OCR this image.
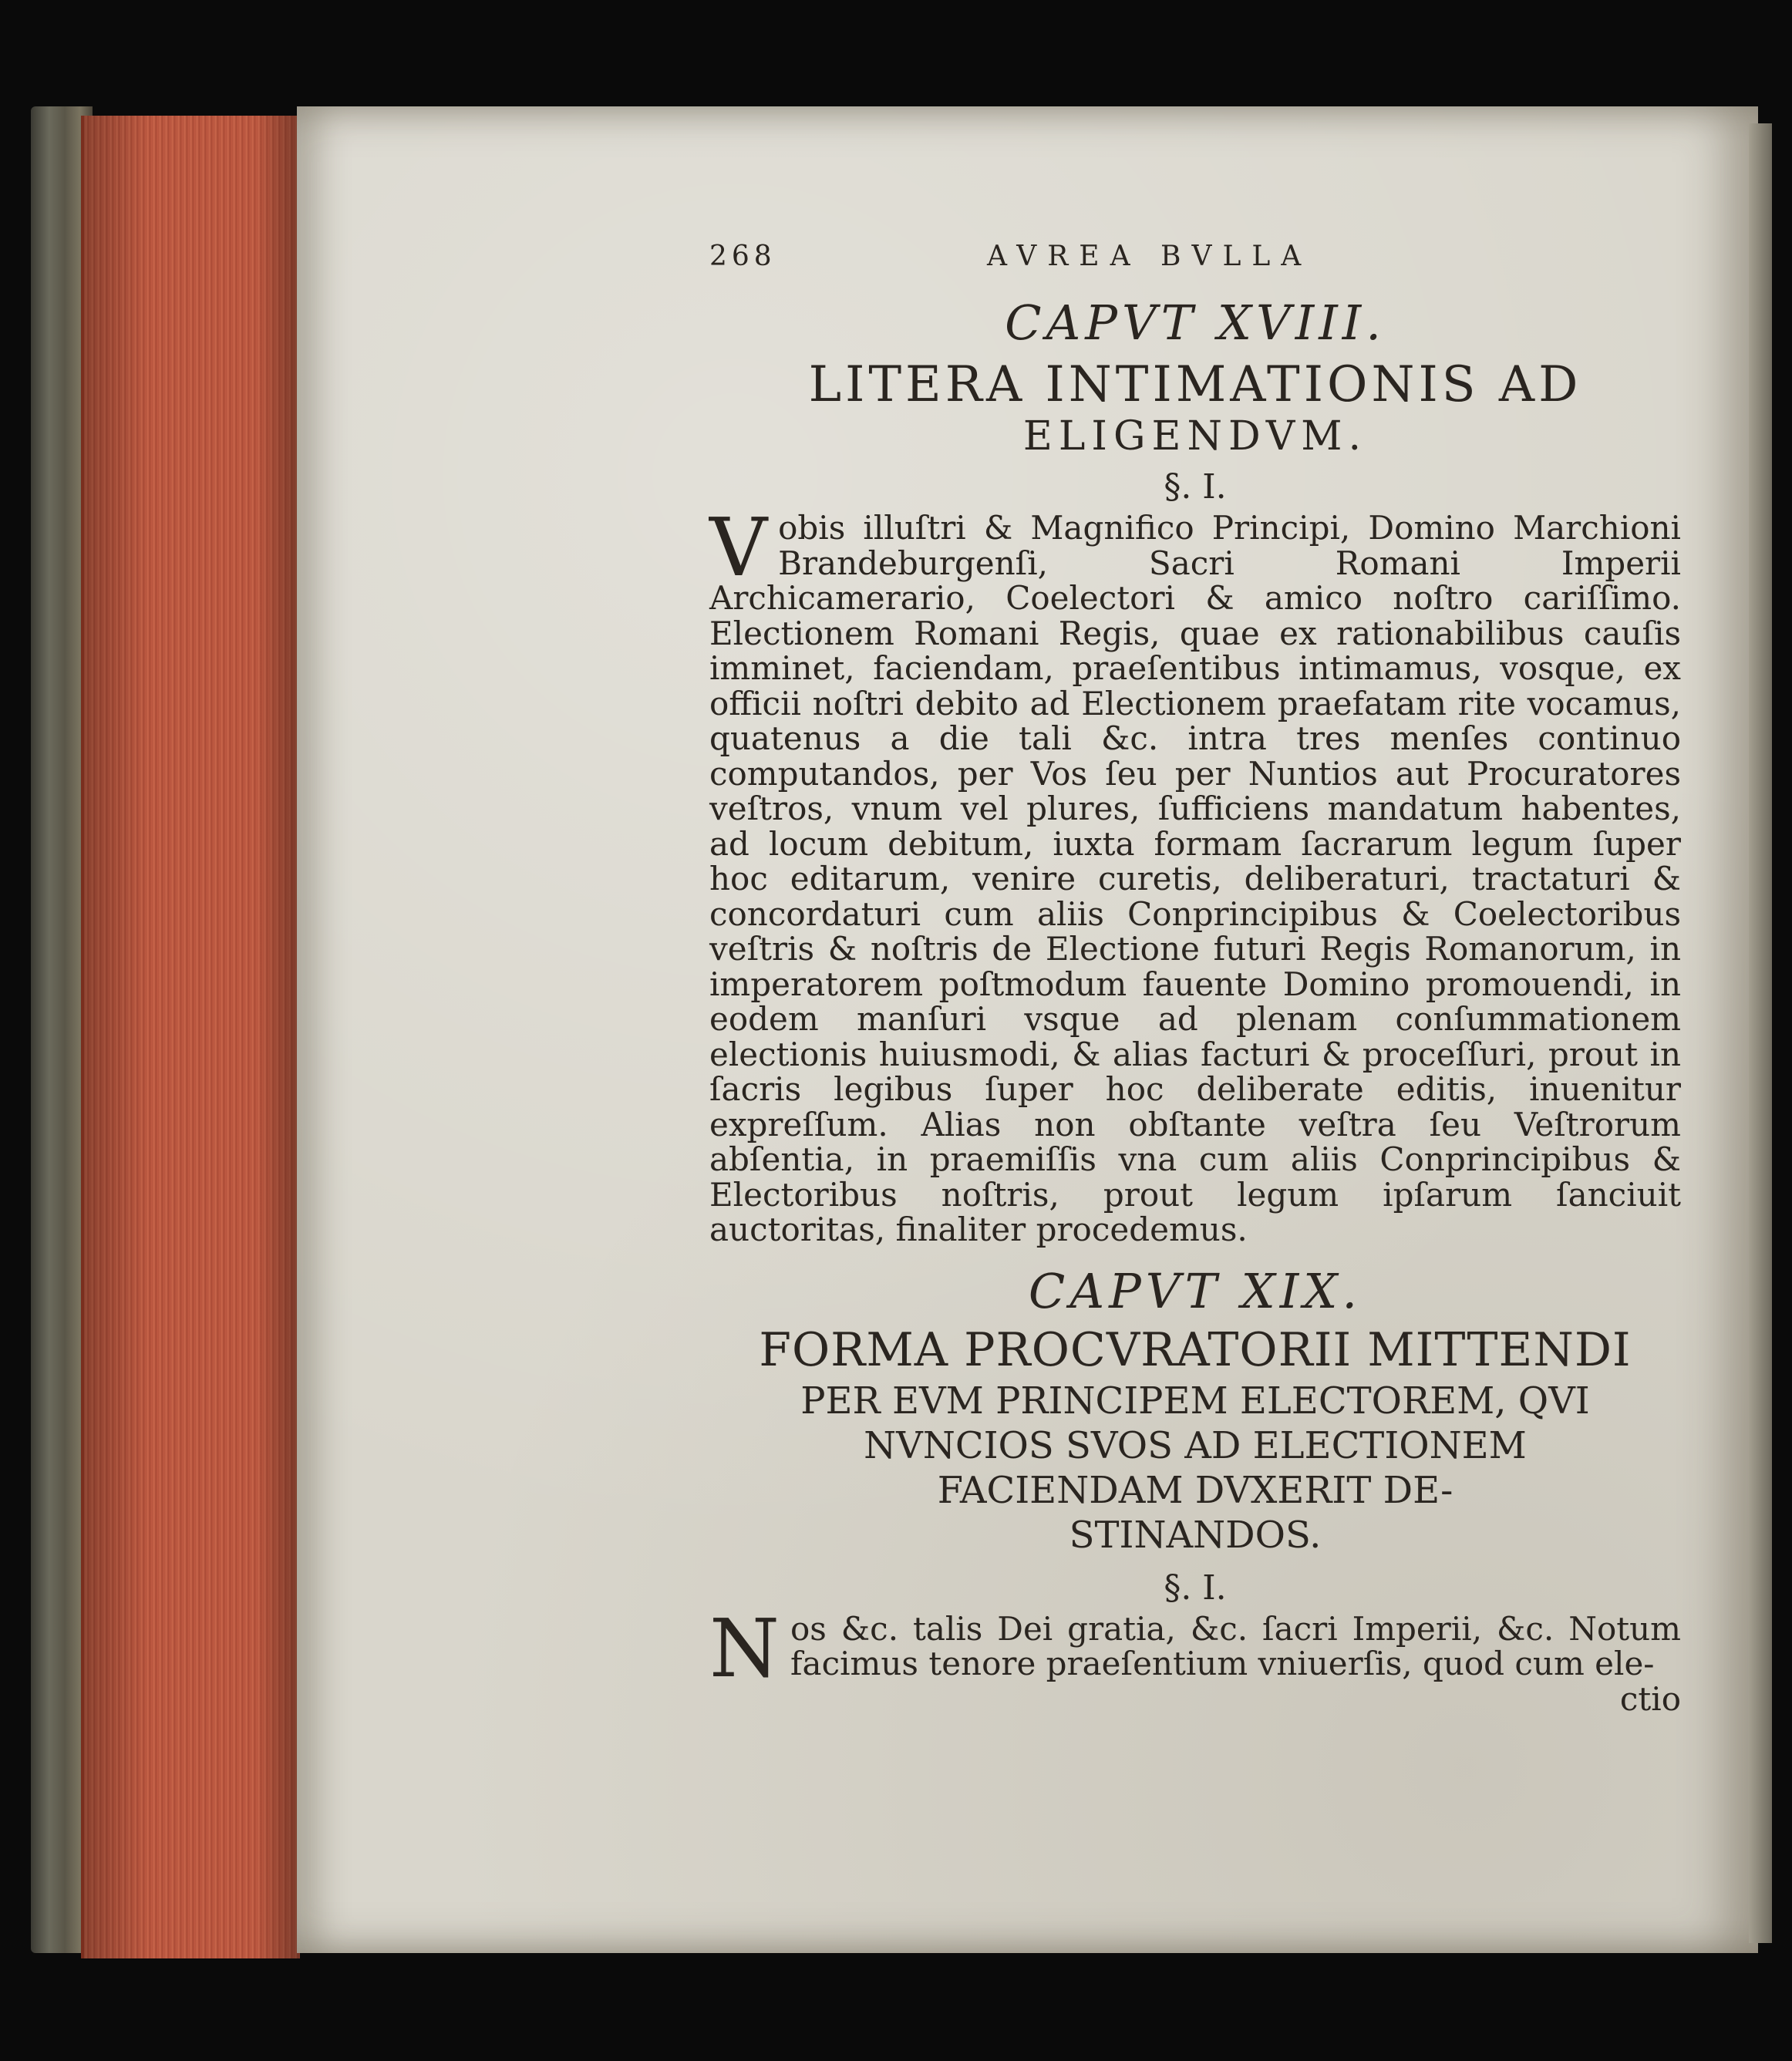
268	AVREA BVLLA
CAPVT XVIII.
LITERA INTIMATIONIS AD
ELIGENDVM.
§. I.
Vobis illuſtri & Magnifico Principi, Domino Marchioni Brandeburgenſi, Sacri Romani Imperii Archicamerario, Coelectori & amico noſtro cariſſimo. Electionem Romani Regis, quae ex rationabilibus cauſis imminet, faciendam, praeſentibus intimamus, vosque, ex officii noſtri debito ad Electionem praefatam rite vocamus, quatenus a die tali &c. intra tres menſes continuo computandos, per Vos ſeu per Nuntios aut Procuratores veſtros, vnum vel plures, ſufficiens mandatum habentes, ad locum debitum, iuxta formam ſacrarum legum ſuper hoc editarum, venire curetis, deliberaturi, tractaturi & concordaturi cum aliis Conprincipibus & Coelectoribus veſtris & noſtris de Electione futuri Regis Romanorum, in imperatorem poſtmodum fauente Domino promouendi, in eodem manſuri vsque ad plenam conſummationem electionis huiusmodi, & alias facturi & proceſſuri, prout in ſacris legibus ſuper hoc deliberate editis, inuenitur expreſſum. Alias non obſtante veſtra ſeu Veſtrorum abſentia, in praemiſſis vna cum aliis Conprincipibus & Electoribus noſtris, prout legum ipſarum ſanciuit auctoritas, finaliter procedemus.
CAPVT XIX.
FORMA PROCVRATORII MITTENDI
PER EVM PRINCIPEM ELECTOREM, QVI
NVNCIOS SVOS AD ELECTIONEM
FACIENDAM DVXERIT DE-
STINANDOS.
§. I.
Nos &c. talis Dei gratia, &c. ſacri Imperii, &c. Notum facimus tenore praeſentium vniuerſis, quod cum ele-
ctio
